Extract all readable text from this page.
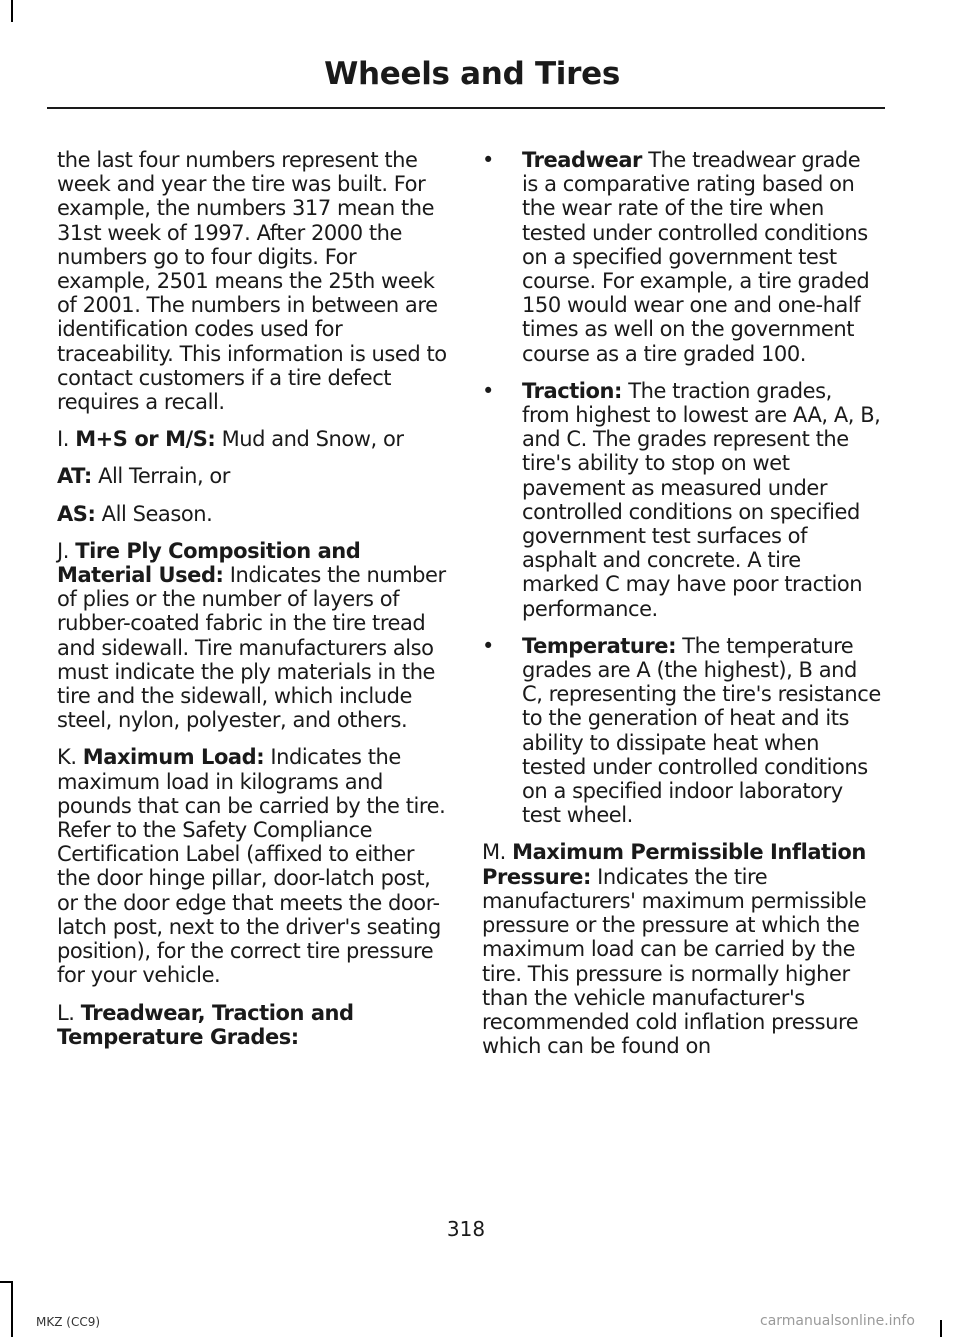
Wheels and Tires

the last four numbers represent the week and year the tire was built. For example, the numbers 317 mean the 31st week of 1997. After 2000 the numbers go to four digits. For example, 2501 means the 25th week of 2001. The numbers in between are identification codes used for traceability. This information is used to contact customers if a tire defect requires a recall.

I. M+S or M/S: Mud and Snow, or

AT: All Terrain, or

AS: All Season.

J. Tire Ply Composition and Material Used: Indicates the number of plies or the number of layers of rubber-coated fabric in the tire tread and sidewall. Tire manufacturers also must indicate the ply materials in the tire and the sidewall, which include steel, nylon, polyester, and others.

K. Maximum Load: Indicates the maximum load in kilograms and pounds that can be carried by the tire. Refer to the Safety Compliance Certification Label (affixed to either the door hinge pillar, door-latch post, or the door edge that meets the door-latch post, next to the driver's seating position), for the correct tire pressure for your vehicle.

L. Treadwear, Traction and Temperature Grades:

• Treadwear The treadwear grade is a comparative rating based on the wear rate of the tire when tested under controlled conditions on a specified government test course. For example, a tire graded 150 would wear one and one-half times as well on the government course as a tire graded 100.
• Traction: The traction grades, from highest to lowest are AA, A, B, and C. The grades represent the tire's ability to stop on wet pavement as measured under controlled conditions on specified government test surfaces of asphalt and concrete. A tire marked C may have poor traction performance.
• Temperature: The temperature grades are A (the highest), B and C, representing the tire's resistance to the generation of heat and its ability to dissipate heat when tested under controlled conditions on a specified indoor laboratory test wheel.

M. Maximum Permissible Inflation Pressure: Indicates the tire manufacturers' maximum permissible pressure or the pressure at which the maximum load can be carried by the tire. This pressure is normally higher than the vehicle manufacturer's recommended cold inflation pressure which can be found on

318
MKZ (CC9)	carmanualsonline.info
